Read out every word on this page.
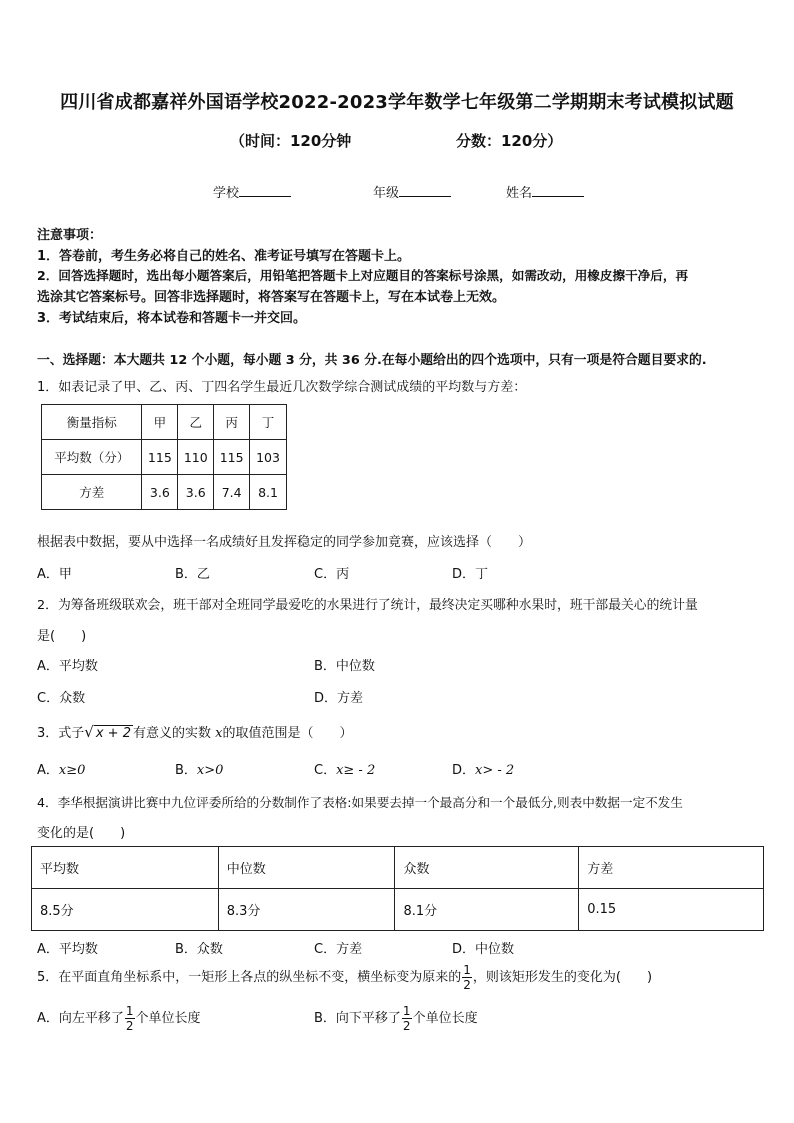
四川省成都嘉祥外国语学校2022-2023学年数学七年级第二学期期末考试模拟试题
（时间：120分钟	分数：120分）
学校	年级	姓名
注意事项：
1．答卷前，考生务必将自己的姓名、准考证号填写在答题卡上。
2．回答选择题时，选出每小题答案后，用铅笔把答题卡上对应题目的答案标号涂黑，如需改动，用橡皮擦干净后，再
选涂其它答案标号。回答非选择题时，将答案写在答题卡上，写在本试卷上无效。
3．考试结束后，将本试卷和答题卡一并交回。
一、选择题：本大题共 12 个小题，每小题 3 分，共 36 分.在每小题给出的四个选项中，只有一项是符合题目要求的.
1．如表记录了甲、乙、丙、丁四名学生最近几次数学综合测试成绩的平均数与方差：
衡量指标	甲	乙	丙	丁
平均数（分）	115	110	115	103
方差	3.6	3.6	7.4	8.1
根据表中数据，要从中选择一名成绩好且发挥稳定的同学参加竟赛，应该选择（　　）
A．甲	B．乙	C．丙	D．丁
2．为筹备班级联欢会，班干部对全班同学最爱吃的水果进行了统计，最终决定买哪种水果时，班干部最关心的统计量
是(　　)
A．平均数	B．中位数
C．众数	D．方差
3．式子√ x + 2 有意义的实数 x的取值范围是（　　）
A．x≥0	B．x>0	C．x≥ - 2	D．x> - 2
4．李华根据演讲比赛中九位评委所给的分数制作了表格:如果要去掉一个最高分和一个最低分,则表中数据一定不发生
变化的是(　　)
平均数	中位数	众数	方差
8.5分	8.3分	8.1分	0.15
A．平均数	B．众数	C．方差	D．中位数
5．在平面直角坐标系中，一矩形上各点的纵坐标不变，横坐标变为原来的 $\frac{1}{2}$ ，则该矩形发生的变化为(　　)
A．向左平移了 $\frac{1}{2}$ 个单位长度	B．向下平移了 $\frac{1}{2}$ 个单位长度
